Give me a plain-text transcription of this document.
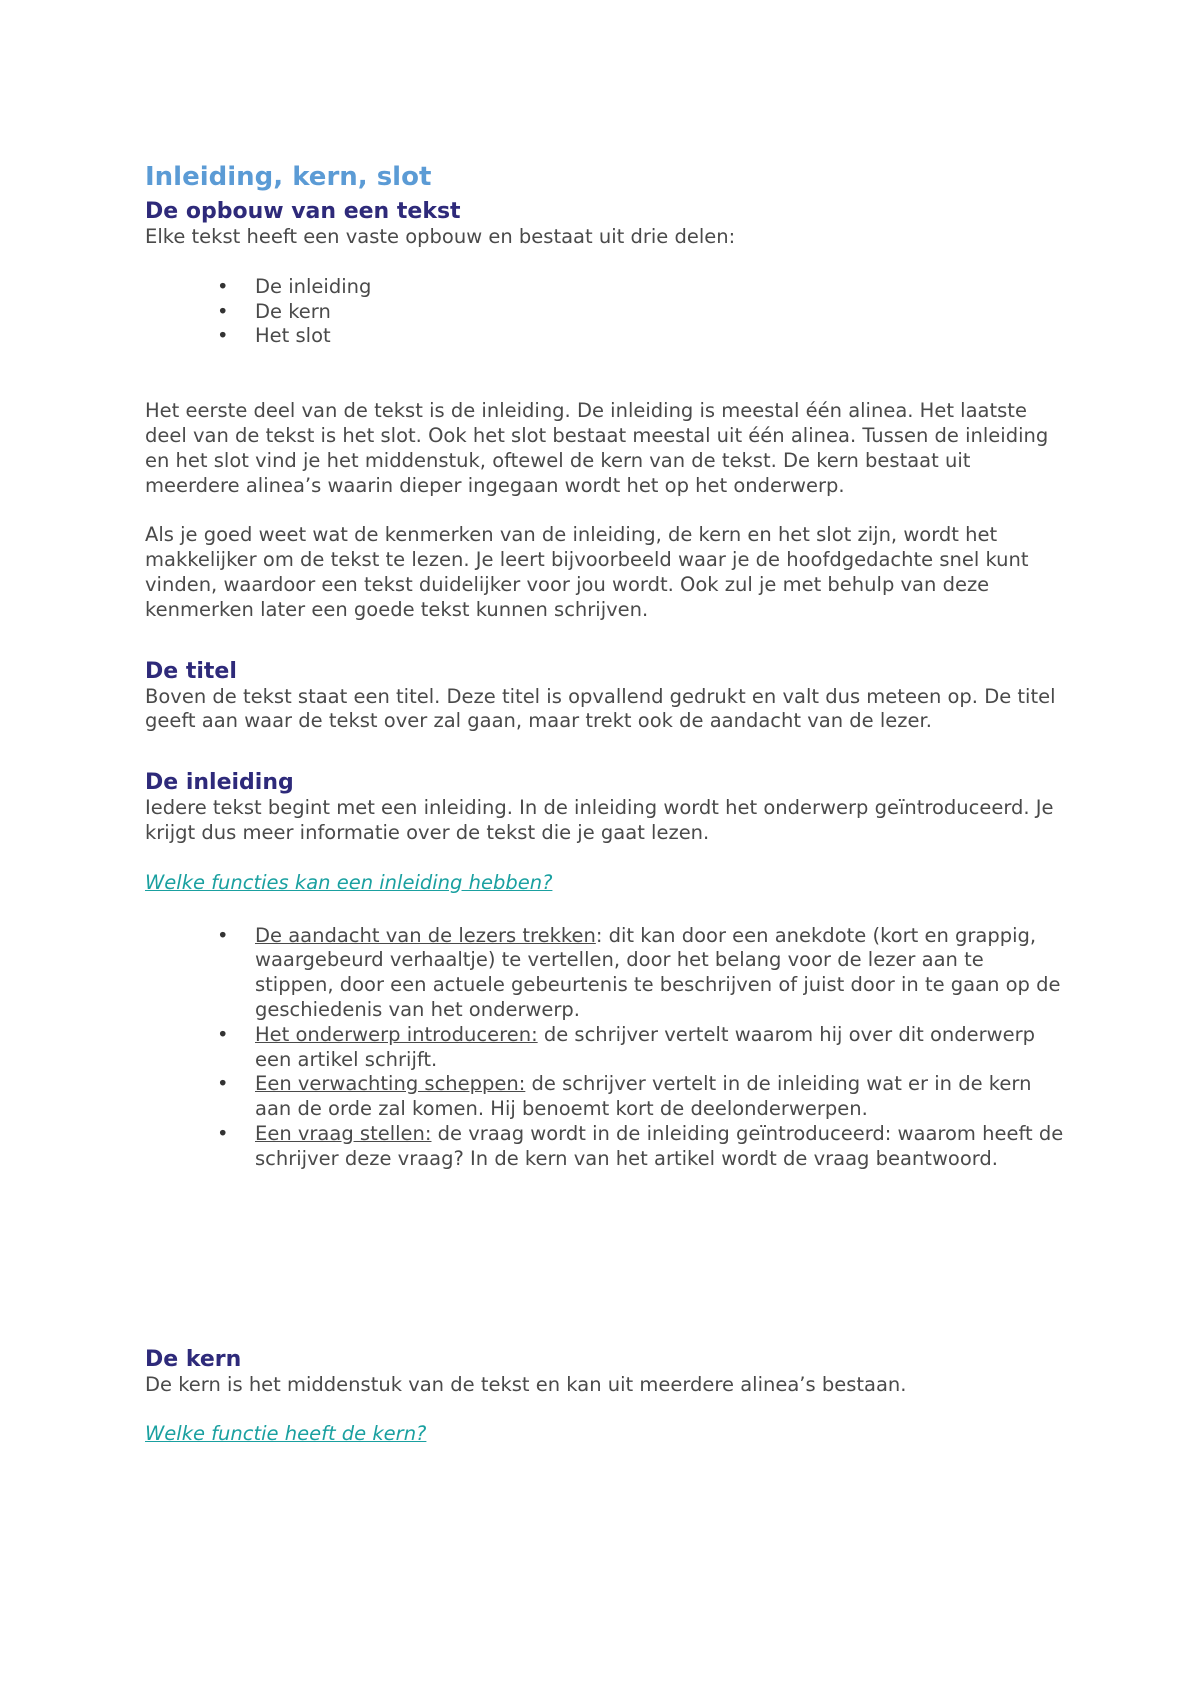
Inleiding, kern, slot
De opbouw van een tekst

Elke tekst heeft een vaste opbouw en bestaat uit drie delen:

• De inleiding
• De kern
• Het slot

Het eerste deel van de tekst is de inleiding. De inleiding is meestal één alinea. Het laatste deel van de tekst is het slot. Ook het slot bestaat meestal uit één alinea. Tussen de inleiding en het slot vind je het middenstuk, oftewel de kern van de tekst. De kern bestaat uit meerdere alinea’s waarin dieper ingegaan wordt het op het onderwerp.

Als je goed weet wat de kenmerken van de inleiding, de kern en het slot zijn, wordt het makkelijker om de tekst te lezen. Je leert bijvoorbeeld waar je de hoofdgedachte snel kunt vinden, waardoor een tekst duidelijker voor jou wordt. Ook zul je met behulp van deze kenmerken later een goede tekst kunnen schrijven.

De titel

Boven de tekst staat een titel. Deze titel is opvallend gedrukt en valt dus meteen op. De titel geeft aan waar de tekst over zal gaan, maar trekt ook de aandacht van de lezer.

De inleiding

Iedere tekst begint met een inleiding. In de inleiding wordt het onderwerp geïntroduceerd. Je krijgt dus meer informatie over de tekst die je gaat lezen.

Welke functies kan een inleiding hebben?

• De aandacht van de lezers trekken: dit kan door een anekdote (kort en grappig, waargebeurd verhaaltje) te vertellen, door het belang voor de lezer aan te stippen, door een actuele gebeurtenis te beschrijven of juist door in te gaan op de geschiedenis van het onderwerp.
• Het onderwerp introduceren: de schrijver vertelt waarom hij over dit onderwerp een artikel schrijft.
• Een verwachting scheppen: de schrijver vertelt in de inleiding wat er in de kern aan de orde zal komen. Hij benoemt kort de deelonderwerpen.
• Een vraag stellen: de vraag wordt in de inleiding geïntroduceerd: waarom heeft de schrijver deze vraag? In de kern van het artikel wordt de vraag beantwoord.
De kern

De kern is het middenstuk van de tekst en kan uit meerdere alinea’s bestaan.

Welke functie heeft de kern?
